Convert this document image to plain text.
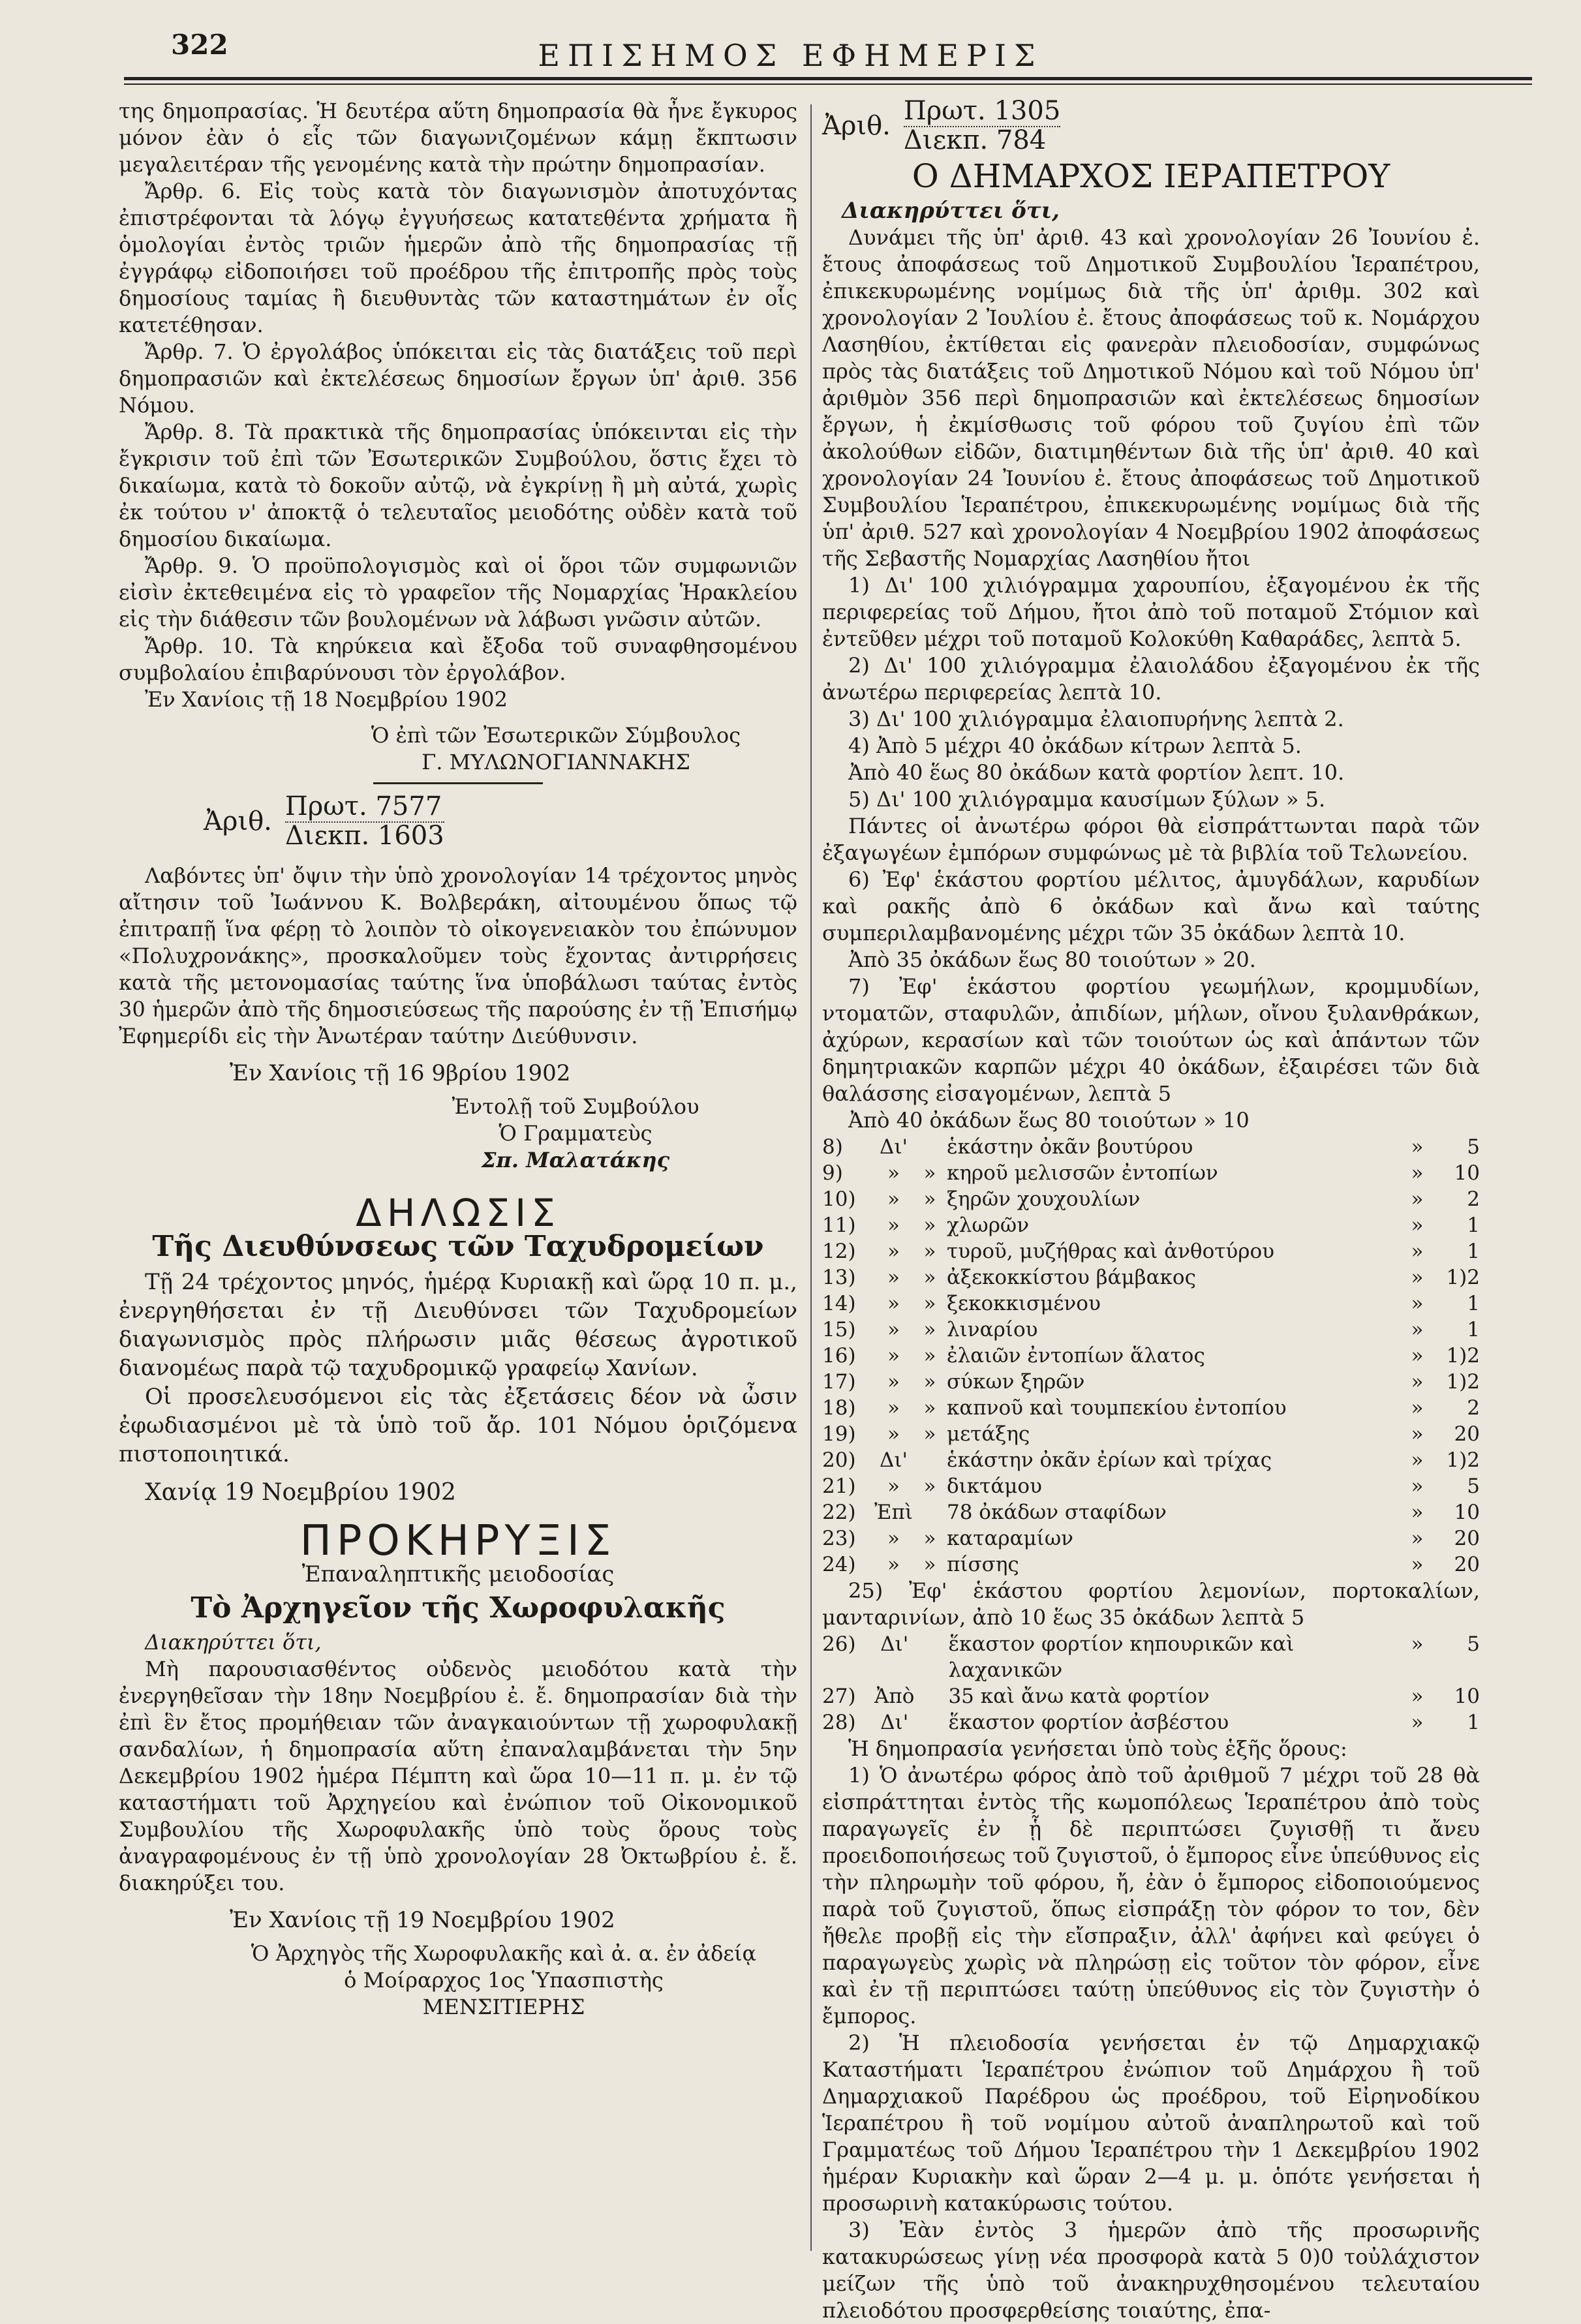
322	ΕΠΙΣΗΜΟΣ ΕΦΗΜΕΡΙΣ

της δημοπρασίας. Ἡ δευτέρα αὕτη δημοπρασία θὰ ἦνε ἔγκυρος μόνον ἐὰν ὁ εἷς τῶν διαγωνιζομένων κάμῃ ἔκπτωσιν μεγαλειτέραν τῆς γενομένης κατὰ τὴν πρώτην δημοπρασίαν.

Ἄρθρ. 6. Εἰς τοὺς κατὰ τὸν διαγωνισμὸν ἀποτυχόντας ἐπιστρέφονται τὰ λόγῳ ἐγγυήσεως κατατεθέντα χρήματα ἢ ὁμολογίαι ἐντὸς τριῶν ἡμερῶν ἀπὸ τῆς δημοπρασίας τῇ ἐγγράφῳ εἰδοποιήσει τοῦ προέδρου τῆς ἐπιτροπῆς πρὸς τοὺς δημοσίους ταμίας ἢ διευθυντὰς τῶν καταστημάτων ἐν οἷς κατετέθησαν.

Ἄρθρ. 7. Ὁ ἐργολάβος ὑπόκειται εἰς τὰς διατάξεις τοῦ περὶ δημοπρασιῶν καὶ ἐκτελέσεως δημοσίων ἔργων ὑπ' ἀριθ. 356 Νόμου.

Ἄρθρ. 8. Τὰ πρακτικὰ τῆς δημοπρασίας ὑπόκεινται εἰς τὴν ἔγκρισιν τοῦ ἐπὶ τῶν Ἐσωτερικῶν Συμβούλου, ὅστις ἔχει τὸ δικαίωμα, κατὰ τὸ δοκοῦν αὐτῷ, νὰ ἐγκρίνῃ ἢ μὴ αὐτά, χωρὶς ἐκ τούτου ν' ἀποκτᾷ ὁ τελευταῖος μειοδότης οὐδὲν κατὰ τοῦ δημοσίου δικαίωμα.

Ἄρθρ. 9. Ὁ προϋπολογισμὸς καὶ οἱ ὅροι τῶν συμφωνιῶν εἰσὶν ἐκτεθειμένα εἰς τὸ γραφεῖον τῆς Νομαρχίας Ἡρακλείου εἰς τὴν διάθεσιν τῶν βουλομένων νὰ λάβωσι γνῶσιν αὐτῶν.

Ἄρθρ. 10. Τὰ κηρύκεια καὶ ἔξοδα τοῦ συναφθησομένου συμβολαίου ἐπιβαρύνουσι τὸν ἐργολάβον.

Ἐν Χανίοις τῇ 18 Νοεμβρίου 1902

Ὁ ἐπὶ τῶν Ἐσωτερικῶν Σύμβουλος
Γ. ΜΥΛΩΝΟΓΙΑΝΝΑΚΗΣ
Ἀριθ. Πρωτ. 7577
Διεκπ. 1603

Λαβόντες ὑπ' ὄψιν τὴν ὑπὸ χρονολογίαν 14 τρέχοντος μηνὸς αἴτησιν τοῦ Ἰωάννου Κ. Βολβεράκη, αἰτουμένου ὅπως τῷ ἐπιτραπῇ ἵνα φέρῃ τὸ λοιπὸν τὸ οἰκογενειακὸν του ἐπώνυμον «Πολυχρονάκης», προσκαλοῦμεν τοὺς ἔχοντας ἀντιρρήσεις κατὰ τῆς μετονομασίας ταύτης ἵνα ὑποβάλωσι ταύτας ἐντὸς 30 ἡμερῶν ἀπὸ τῆς δημοσιεύσεως τῆς παρούσης ἐν τῇ Ἐπισήμῳ Ἐφημερίδι εἰς τὴν Ἀνωτέραν ταύτην Διεύθυνσιν.

Ἐν Χανίοις τῇ 16 9βρίου 1902
Ἐντολῇ τοῦ Συμβούλου
Ὁ Γραμματεὺς
Σπ. Μαλατάκης
ΔΗΛΩΣΙΣ
Τῆς Διευθύνσεως τῶν Ταχυδρομείων

Τῇ 24 τρέχοντος μηνός, ἡμέρᾳ Κυριακῇ καὶ ὥρᾳ 10 π. μ., ἐνεργηθήσεται ἐν τῇ Διευθύνσει τῶν Ταχυδρομείων διαγωνισμὸς πρὸς πλήρωσιν μιᾶς θέσεως ἀγροτικοῦ διανομέως παρὰ τῷ ταχυδρομικῷ γραφείῳ Χανίων.

Οἱ προσελευσόμενοι εἰς τὰς ἐξετάσεις δέον νὰ ὦσιν ἐφωδιασμένοι μὲ τὰ ὑπὸ τοῦ ἄρ. 101 Νόμου ὁριζόμενα πιστοποιητικά.

Χανίᾳ 19 Νοεμβρίου 1902

ΠΡΟΚΗΡΥΞΙΣ
Ἐπαναληπτικῆς μειοδοσίας
Τὸ Ἀρχηγεῖον τῆς Χωροφυλακῆς

Διακηρύττει ὅτι,

Μὴ παρουσιασθέντος οὐδενὸς μειοδότου κατὰ τὴν ἐνεργηθεῖσαν τὴν 18ην Νοεμβρίου ἐ. ἔ. δημοπρασίαν διὰ τὴν ἐπὶ ἓν ἔτος προμήθειαν τῶν ἀναγκαιούντων τῇ χωροφυλακῇ σανδαλίων, ἡ δημοπρασία αὕτη ἐπαναλαμβάνεται τὴν 5ην Δεκεμβρίου 1902 ἡμέρα Πέμπτη καὶ ὥρα 10—11 π. μ. ἐν τῷ καταστήματι τοῦ Ἀρχηγείου καὶ ἐνώπιον τοῦ Οἰκονομικοῦ Συμβουλίου τῆς Χωροφυλακῆς ὑπὸ τοὺς ὅρους τοὺς ἀναγραφομένους ἐν τῇ ὑπὸ χρονολογίαν 28 Ὀκτωβρίου ἐ. ἔ. διακηρύξει του.

Ἐν Χανίοις τῇ 19 Νοεμβρίου 1902
Ὁ Ἀρχηγὸς τῆς Χωροφυλακῆς καὶ ἀ. α. ἐν ἀδείᾳ
ὁ Μοίραρχος 1ος Ὑπασπιστὴς
ΜΕΝΣΙΤΙΕΡΗΣ
Ἀριθ. Πρωτ. 1305
Διεκπ. 784
Ο ΔΗΜΑΡΧΟΣ ΙΕΡΑΠΕΤΡΟΥ
Διακηρύττει ὅτι,

Δυνάμει τῆς ὑπ' ἀριθ. 43 καὶ χρονολογίαν 26 Ἰουνίου ἐ. ἔτους ἀποφάσεως τοῦ Δημοτικοῦ Συμβουλίου Ἱεραπέτρου, ἐπικεκυρωμένης νομίμως διὰ τῆς ὑπ' ἀριθμ. 302 καὶ χρονολογίαν 2 Ἰουλίου ἐ. ἔτους ἀποφάσεως τοῦ κ. Νομάρχου Λασηθίου, ἐκτίθεται εἰς φανερὰν πλειοδοσίαν, συμφώνως πρὸς τὰς διατάξεις τοῦ Δημοτικοῦ Νόμου καὶ τοῦ Νόμου ὑπ' ἀριθμὸν 356 περὶ δημοπρασιῶν καὶ ἐκτελέσεως δημοσίων ἔργων, ἡ ἐκμίσθωσις τοῦ φόρου τοῦ ζυγίου ἐπὶ τῶν ἀκολούθων εἰδῶν, διατιμηθέντων διὰ τῆς ὑπ' ἀριθ. 40 καὶ χρονολογίαν 24 Ἰουνίου ἐ. ἔτους ἀποφάσεως τοῦ Δημοτικοῦ Συμβουλίου Ἱεραπέτρου, ἐπικεκυρωμένης νομίμως διὰ τῆς ὑπ' ἀριθ. 527 καὶ χρονολογίαν 4 Νοεμβρίου 1902 ἀποφάσεως τῆς Σεβαστῆς Νομαρχίας Λασηθίου ἤτοι

1) Δι' 100 χιλιόγραμμα χαρουπίου, ἐξαγομένου ἐκ τῆς περιφερείας τοῦ Δήμου, ἤτοι ἀπὸ τοῦ ποταμοῦ Στόμιον καὶ ἐντεῦθεν μέχρι τοῦ ποταμοῦ Κολοκύθη Καθαράδες, λεπτὰ 5.

2) Δι' 100 χιλιόγραμμα ἐλαιολάδου ἐξαγομένου ἐκ τῆς ἀνωτέρω περιφερείας λεπτὰ 10.

3) Δι' 100 χιλιόγραμμα ἐλαιοπυρήνης λεπτὰ 2.

4) Ἀπὸ 5 μέχρι 40 ὀκάδων κίτρων λεπτὰ 5.

Ἀπὸ 40 ἕως 80 ὀκάδων κατὰ φορτίον λεπτ. 10.

5) Δι' 100 χιλιόγραμμα καυσίμων ξύλων » 5.

Πάντες οἱ ἀνωτέρω φόροι θὰ εἰσπράττωνται παρὰ τῶν ἐξαγωγέων ἐμπόρων συμφώνως μὲ τὰ βιβλία τοῦ Τελωνείου.

6) Ἐφ' ἑκάστου φορτίου μέλιτος, ἀμυγδάλων, καρυδίων καὶ ρακῆς ἀπὸ 6 ὀκάδων καὶ ἄνω καὶ ταύτης συμπεριλαμβανομένης μέχρι τῶν 35 ὀκάδων λεπτὰ 10.

Ἀπὸ 35 ὀκάδων ἕως 80 τοιούτων » 20.

7) Ἐφ' ἑκάστου φορτίου γεωμήλων, κρομμυδίων, ντοματῶν, σταφυλῶν, ἀπιδίων, μήλων, οἴνου ξυλανθράκων, ἀχύρων, κερασίων καὶ τῶν τοιούτων ὡς καὶ ἁπάντων τῶν δημητριακῶν καρπῶν μέχρι 40 ὀκάδων, ἐξαιρέσει τῶν διὰ θαλάσσης εἰσαγομένων, λεπτὰ 5

Ἀπὸ 40 ὀκάδων ἕως 80 τοιούτων » 10

8)	Δι'		ἑκάστην ὀκᾶν βουτύρου	»	5
9)	»	»	κηρoῦ μελισσῶν ἐντοπίων	»	10
10)	»	»	ξηρῶν χουχουλίων	»	2
11)	»	»	χλωρῶν	»	1
12)	»	»	τυροῦ, μυζήθρας καὶ ἀνθοτύρου	»	1
13)	»	»	ἀξεκοκκίστου βάμβακος	»	1)2
14)	»	»	ξεκοκκισμένου	»	1
15)	»	»	λιναρίου	»	1
16)	»	»	ἐλαιῶν ἐντοπίων ἅλατος	»	1)2
17)	»	»	σύκων ξηρῶν	»	1)2
18)	»	»	καπνοῦ καὶ τουμπεκίου ἐντοπίου	»	2
19)	»	»	μετάξης	»	20
20)	Δι'		ἑκάστην ὀκᾶν ἐρίων καὶ τρίχας	»	1)2
21)	»	»	δικτάμου	»	5
22)	Ἐπὶ		78 ὀκάδων σταφίδων	»	10
23)	»	»	καταραμίων	»	20
24)	»	»	πίσσης	»	20

25) Ἐφ' ἑκάστου φορτίου λεμονίων, πορτοκαλίων, μανταρινίων, ἀπὸ 10 ἕως 35 ὀκάδων λεπτὰ 5

26)	Δι'		ἕκαστον φορτίον κηπουρικῶν καὶ λαχανικῶν	»	5
27)	Ἀπὸ		35 καὶ ἄνω κατὰ φορτίον	»	10
28)	Δι'		ἕκαστον φορτίον ἀσβέστου	»	1

Ἡ δημοπρασία γενήσεται ὑπὸ τοὺς ἑξῆς ὅρους:

1) Ὁ ἀνωτέρω φόρος ἀπὸ τοῦ ἀριθμοῦ 7 μέχρι τοῦ 28 θὰ εἰσπράττηται ἐντὸς τῆς κωμοπόλεως Ἱεραπέτρου ἀπὸ τοὺς παραγωγεῖς ἐν ᾗ δὲ περιπτώσει ζυγισθῇ τι ἄνευ προειδοποιήσεως τοῦ ζυγιστοῦ, ὁ ἔμπορος εἶνε ὑπεύθυνος εἰς τὴν πληρωμὴν τοῦ φόρου, ἤ, ἐὰν ὁ ἔμπορος εἰδοποιούμενος παρὰ τοῦ ζυγιστοῦ, ὅπως εἰσπράξῃ τὸν φόρον το τον, δὲν ἤθελε προβῇ εἰς τὴν εἴσπραξιν, ἀλλ' ἀφήνει καὶ φεύγει ὁ παραγωγεὺς χωρὶς νὰ πληρώσῃ εἰς τοῦτον τὸν φόρον, εἶνε καὶ ἐν τῇ περιπτώσει ταύτῃ ὑπεύθυνος εἰς τὸν ζυγιστὴν ὁ ἔμπορος.

2) Ἡ πλειοδοσία γενήσεται ἐν τῷ Δημαρχιακῷ Καταστήματι Ἱεραπέτρου ἐνώπιον τοῦ Δημάρχου ἢ τοῦ Δημαρχιακοῦ Παρέδρου ὡς προέδρου, τοῦ Εἰρηνοδίκου Ἱεραπέτρου ἢ τοῦ νομίμου αὐτοῦ ἀναπληρωτοῦ καὶ τοῦ Γραμματέως τοῦ Δήμου Ἱεραπέτρου τὴν 1 Δεκεμβρίου 1902 ἡμέραν Κυριακὴν καὶ ὥραν 2—4 μ. μ. ὁπότε γενήσεται ἡ προσωρινὴ κατακύρωσις τούτου.

3) Ἐὰν ἐντὸς 3 ἡμερῶν ἀπὸ τῆς προσωρινῆς κατακυρώσεως γίνῃ νέα προσφορὰ κατὰ 5 0)0 τοὐλάχιστον μείζων τῆς ὑπὸ τοῦ ἀνακηρυχθησομένου τελευταίου πλειοδότου προσφερθείσης τοιαύτης, ἐπα-
